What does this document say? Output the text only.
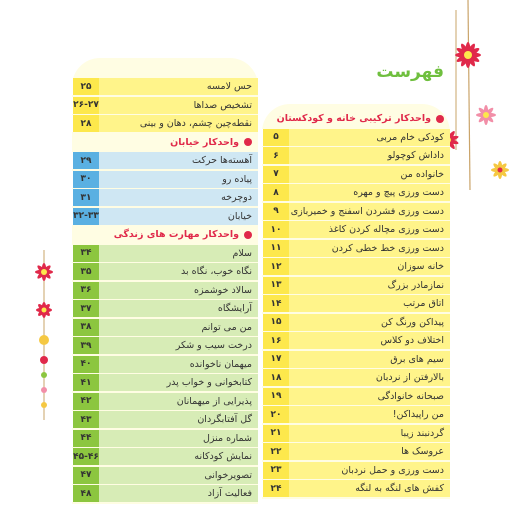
فهرست
واحدکار ترکیبی خانه و کودکستان
کودکی خام مربی
۵
داداش کوچولو
۶
خانواده من
۷
دست ورزی پیچ و مهره
۸
دست ورزی فشردن اسفنج و خمیربازی
۹
دست ورزی مچاله کردن کاغذ
۱۰
دست ورزی خط خطی کردن
۱۱
خانه سوزان
۱۲
نمازمادر بزرگ
۱۳
اتاق مرتب
۱۴
پیداکن ورنگ کن
۱۵
اختلاف دو کلاس
۱۶
سیم های برق
۱۷
بالارفتن از نردبان
۱۸
صبحانه خانوادگی
۱۹
من راپیداکن!
۲۰
گردنبند زیبا
۲۱
عروسک ها
۲۲
دست ورزی و حمل نردبان
۲۳
کفش های لنگه به لنگه
۲۴
حس لامسه
۲۵
تشخیص صداها
۲۶-۲۷
نقطه‌چین چشم، دهان و بینی
۲۸
واحدکار خیابان
آهسته‌ها حرکت
۲۹
پیاده رو
۳۰
دوچرخه
۳۱
خیابان
۳۲-۳۳
واحدکار مهارت های زندگی
سلام
۳۴
نگاه خوب، نگاه بد
۳۵
سالاد خوشمزه
۳۶
آرایشگاه
۳۷
من می توانم
۳۸
درخت سیب و شکر
۳۹
میهمان ناخوانده
۴۰
کتابخوانی و خواب پدر
۴۱
پذیرایی از میهمانان
۴۲
گل آفتابگردان
۴۳
شماره منزل
۴۴
نمایش کودکانه
۴۵-۴۶
تصویرخوانی
۴۷
فعالیت آزاد
۴۸
